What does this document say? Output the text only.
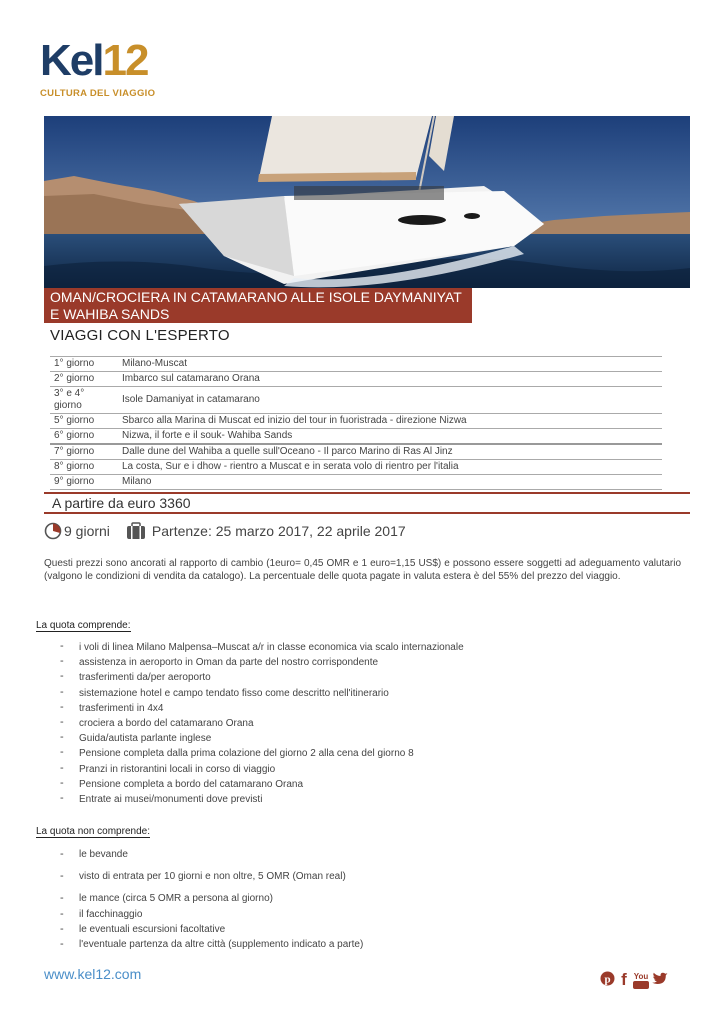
Kel12
CULTURA DEL VIAGGIO
OMAN/CROCIERA IN CATAMARANO ALLE ISOLE DAYMANIYAT E WAHIBA SANDS
VIAGGI CON L'ESPERTO
1° giorno	Milano-Muscat
2° giorno	Imbarco sul catamarano Orana
3° e 4° giorno	Isole Damaniyat in catamarano
5° giorno	Sbarco alla Marina di Muscat ed inizio del tour in fuoristrada - direzione Nizwa
6° giorno	Nizwa, il forte e il souk- Wahiba Sands
7° giorno	Dalle dune del Wahiba a quelle sull'Oceano - Il parco Marino di Ras Al Jinz
8° giorno	La costa, Sur e i dhow - rientro a Muscat e in serata volo di rientro per l'italia
9° giorno	Milano
A partire da euro 3360
9 giorni	Partenze: 25 marzo 2017, 22 aprile 2017
Questi prezzi sono ancorati al rapporto di cambio (1euro= 0,45 OMR e 1 euro=1,15 US$) e possono essere soggetti ad adeguamento valutario (valgono le condizioni di vendita da catalogo). La percentuale delle quota pagate in valuta estera è del 55% del prezzo del viaggio.
La quota comprende:
- i voli di linea Milano Malpensa–Muscat a/r in classe economica via scalo internazionale
- assistenza in aeroporto in Oman da parte del nostro corrispondente
- trasferimenti da/per aeroporto
- sistemazione hotel e campo tendato fisso come descritto nell'itinerario
- trasferimenti in 4x4
- crociera a bordo del catamarano Orana
- Guida/autista parlante inglese
- Pensione completa dalla prima colazione del giorno 2 alla cena del giorno 8
- Pranzi in ristorantini locali in corso di viaggio
- Pensione completa a bordo del catamarano Orana
- Entrate ai musei/monumenti dove previsti
La quota non comprende:
- le bevande
- visto di entrata per 10 giorni e non oltre, 5 OMR (Oman real)
- le mance (circa 5 OMR a persona al giorno)
- il facchinaggio
- le eventuali escursioni facoltative
- l'eventuale partenza da altre città (supplemento indicato a parte)
www.kel12.com	p f You
